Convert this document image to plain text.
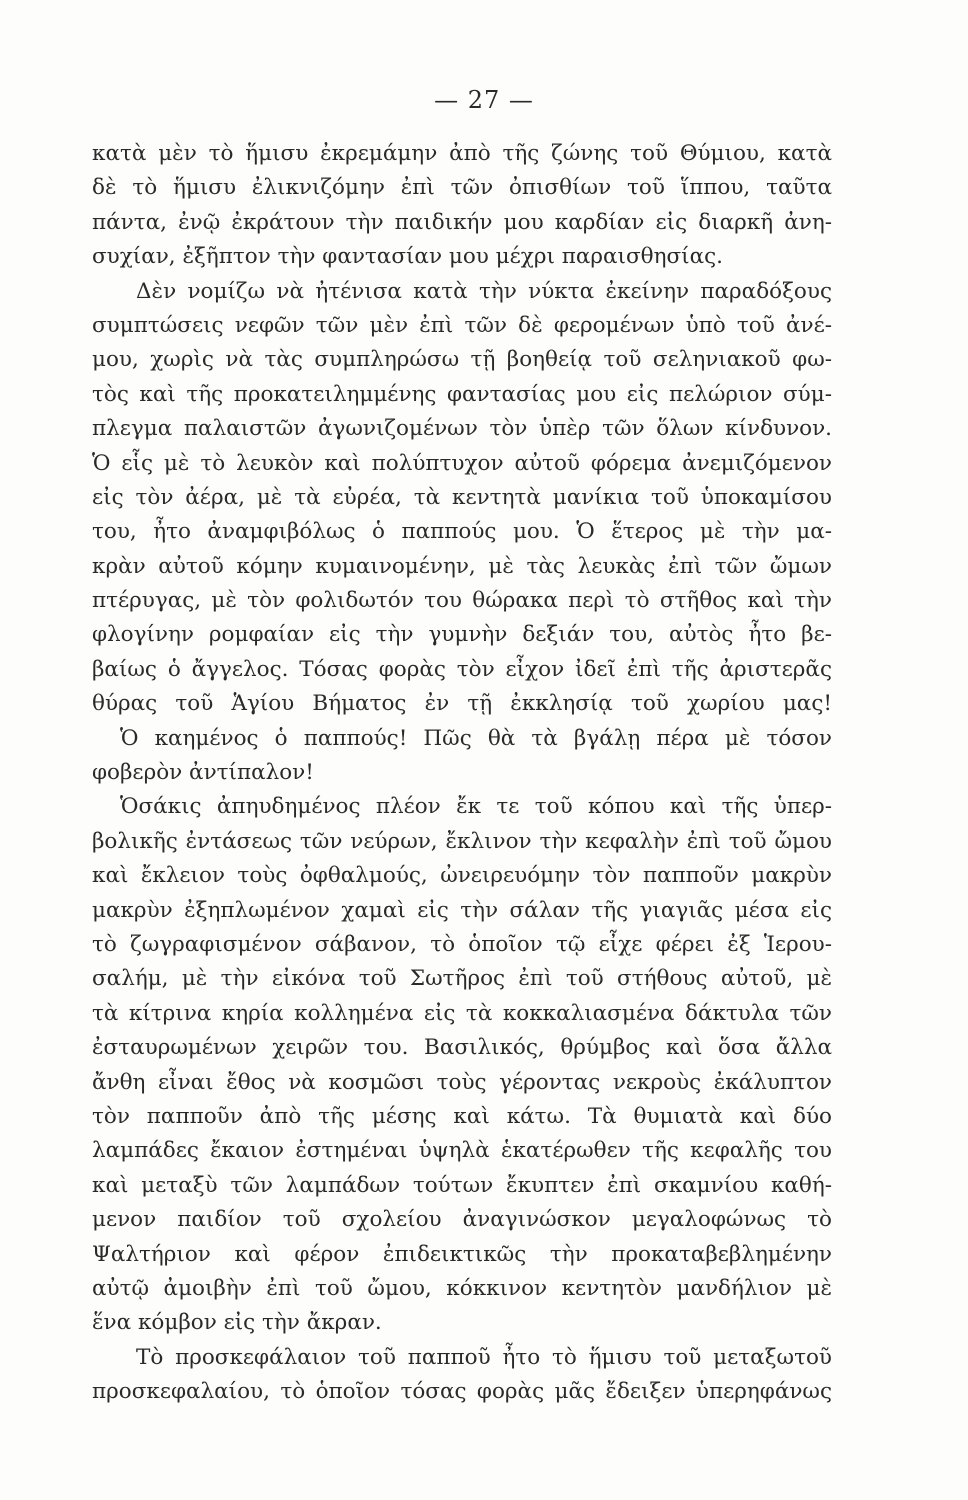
— 27 —
κατὰ μὲν τὸ ἥμισυ ἐκρεμάμην ἀπὸ τῆς ζώνης τοῦ Θύμιου, κατὰ
δὲ τὸ ἥμισυ ἐλικνιζόμην ἐπὶ τῶν ὀπισθίων τοῦ ἵππου, ταῦτα
πάντα, ἐνῷ ἐκράτουν τὴν παιδικήν μου καρδίαν εἰς διαρκῆ ἀνη-
συχίαν, ἐξῆπτον τὴν φαντασίαν μου μέχρι παραισθησίας.
Δὲν νομίζω νὰ ἠτένισα κατὰ τὴν νύκτα ἐκείνην παραδόξους
συμπτώσεις νεφῶν τῶν μὲν ἐπὶ τῶν δὲ φερομένων ὑπὸ τοῦ ἀνέ-
μου, χωρὶς νὰ τὰς συμπληρώσω τῇ βοηθείᾳ τοῦ σεληνιακοῦ φω-
τὸς καὶ τῆς προκατειλημμένης φαντασίας μου εἰς πελώριον σύμ-
πλεγμα παλαιστῶν ἀγωνιζομένων τὸν ὑπὲρ τῶν ὅλων κίνδυνον.
Ὁ εἷς μὲ τὸ λευκὸν καὶ πολύπτυχον αὐτοῦ φόρεμα ἀνεμιζόμενον
εἰς τὸν ἀέρα, μὲ τὰ εὐρέα, τὰ κεντητὰ μανίκια τοῦ ὑποκαμίσου
του, ἦτο ἀναμφιβόλως ὁ παππούς μου. Ὁ ἕτερος μὲ τὴν μα-
κρὰν αὐτοῦ κόμην κυμαινομένην, μὲ τὰς λευκὰς ἐπὶ τῶν ὤμων
πτέρυγας, μὲ τὸν φολιδωτόν του θώρακα περὶ τὸ στῆθος καὶ τὴν
φλογίνην ρομφαίαν εἰς τὴν γυμνὴν δεξιάν του, αὐτὸς ἦτο βε-
βαίως ὁ ἄγγελος. Τόσας φορὰς τὸν εἶχον ἰδεῖ ἐπὶ τῆς ἀριστερᾶς
θύρας τοῦ Ἁγίου Βήματος ἐν τῇ ἐκκλησίᾳ τοῦ χωρίου μας!
Ὁ καημένος ὁ παππούς! Πῶς θὰ τὰ βγάλῃ πέρα μὲ τόσον
φοβερὸν ἀντίπαλον!
Ὁσάκις ἀπηυδημένος πλέον ἔκ τε τοῦ κόπου καὶ τῆς ὑπερ-
βολικῆς ἐντάσεως τῶν νεύρων, ἔκλινον τὴν κεφαλὴν ἐπὶ τοῦ ὤμου
καὶ ἔκλειον τοὺς ὀφθαλμούς, ὠνειρευόμην τὸν παπποῦν μακρὺν
μακρὺν ἐξηπλωμένον χαμαὶ εἰς τὴν σάλαν τῆς γιαγιᾶς μέσα εἰς
τὸ ζωγραφισμένον σάβανον, τὸ ὁποῖον τῷ εἶχε φέρει ἐξ Ἱερου-
σαλήμ, μὲ τὴν εἰκόνα τοῦ Σωτῆρος ἐπὶ τοῦ στήθους αὐτοῦ, μὲ
τὰ κίτρινα κηρία κολλημένα εἰς τὰ κοκκαλιασμένα δάκτυλα τῶν
ἐσταυρωμένων χειρῶν του. Βασιλικός, θρύμβος καὶ ὅσα ἄλλα
ἄνθη εἶναι ἔθος νὰ κοσμῶσι τοὺς γέροντας νεκροὺς ἐκάλυπτον
τὸν παπποῦν ἀπὸ τῆς μέσης καὶ κάτω. Τὰ θυμιατὰ καὶ δύο
λαμπάδες ἔκαιον ἐστημέναι ὑψηλὰ ἑκατέρωθεν τῆς κεφαλῆς του
καὶ μεταξὺ τῶν λαμπάδων τούτων ἔκυπτεν ἐπὶ σκαμνίου καθή-
μενον παιδίον τοῦ σχολείου ἀναγινώσκον μεγαλοφώνως τὸ
Ψαλτήριον καὶ φέρον ἐπιδεικτικῶς τὴν προκαταβεβλημένην
αὐτῷ ἀμοιβὴν ἐπὶ τοῦ ὤμου, κόκκινον κεντητὸν μανδήλιον μὲ
ἕνα κόμβον εἰς τὴν ἄκραν.
Τὸ προσκεφάλαιον τοῦ παπποῦ ἦτο τὸ ἥμισυ τοῦ μεταξωτοῦ
προσκεφαλαίου, τὸ ὁποῖον τόσας φορὰς μᾶς ἔδειξεν ὑπερηφάνως
